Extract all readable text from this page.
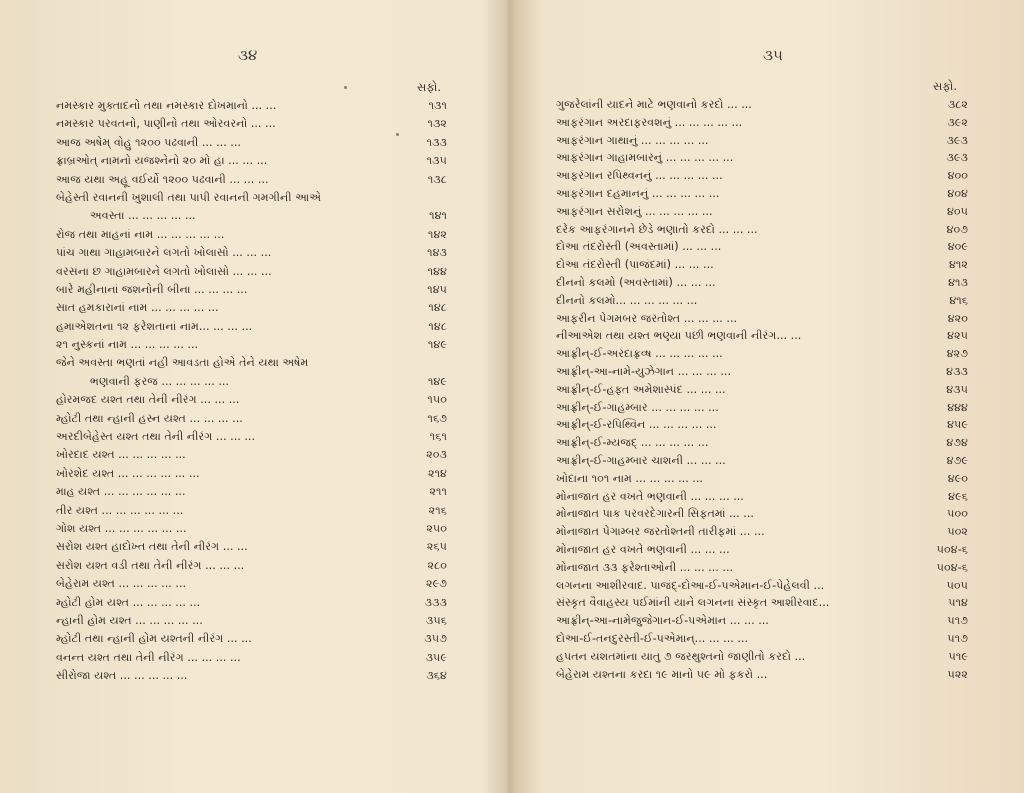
૩૪
સફો.
નમસ્કાર મુક્તાદનો તથા નમસ્કાર દોખમાનો ... ...	૧૩૧
નમસ્કાર પરવતનો, પાણીનો તથા ઓરવરનો ... ...	૧૩૨
આજ અષેમ્ વોહુ ૧૨૦૦ પઢવાની ... ... ...	૧૩૩
ફ્રાબ્રઓત્ નામનો યજશ્નેનો ૨૦ મો હા ... ... ...	૧૩૫
આજ યથા અહૂ વઈર્યો ૧૨૦૦ પઢવાની ... ... ...	૧૩૮
બેહેસ્તી રવાનની ખુશાલી તથા પાપી રવાનની ગમગીની આએ
અવસ્તા ... ... ... ... ...	૧૪૧
રોજ તથા માહનાં નામ ... ... ... ... ...	૧૪૨
પાંચ ગાથા ગાહામબારને લગતો ખોલાસો ... ... ...	૧૪૩
વરસના છ ગાહામબારને લગતો ખોલાસો ... ... ...	૧૪૪
બારે મહીનાનાં જશનોની બીના ... ... ... ...	૧૪૫
સાત હમકારાનાં નામ ... ... ... ... ...	૧૪૮
હમાએશતના ૧૨ ફરેશતાનાં નામ... ... ... ...	૧૪૮
૨૧ નુસ્કનાં નામ ... ... ... ... ...	૧૪૯
જેને અવસ્તા ભણતાં નહી આવડતા હોએ તેને યથા અષેમ
ભણવાની ફરજ ... ... ... ... ...	૧૪૯
હોરમજદ યશ્ત તથા તેની નીરંગ ... ... ...	૧૫૦
મ્હોટી તથા ન્હાની હસ્ન યશ્ત ... ... ... ...	૧૬૭
અરદીબેહેસ્ત યશ્ત તથા તેની નીરંગ ... ... ...	૧૬૧
ખોરદાદ યશ્ત ... ... ... ... ...	૨૦૩
ખોરશેદ યશ્ત ... ... ... ... ... ...	૨૧૪
માહ યશ્ત ... ... ... ... ... ...	૨૧૧
તીર યશ્ત ... ... ... ... ... ...	૨૧૬
ગોશ યશ્ત ... ... ... ... ... ...	૨૫૦
સરોશ યશ્ત હાદોખ્ત તથા તેની નીરંગ ... ...	૨૬૫
સરોશ યશ્ત વડી તથા તેની નીરંગ ... ... ...	૨૮૦
બેહેરામ યશ્ત ... ... ... ... ...	૨૯૭
મ્હોટી હોમ યશ્ત ... ... ... ... ...	૩૩૩
ન્હાની હોમ યશ્ત ... ... ... ... ...	૩૫૬
મ્હોટી તથા ન્હાની હોમ યશ્તની નીરંગ ... ...	૩૫૭
વનન્ત યશ્ત તથા તેની નીરંગ ... ... ... ...	૩૫૯
સીરોજા યશ્ત ... ... ... ... ...	૩૬૪
૩૫
સફો.
ગુજરેલાંની યાદને માટે ભણવાનો કરદો ... ...	૩૮૨
આફરંગાન અરદાફરવશનું ... ... ... ... ...	૩૯૨
આફરંગાન ગાથાનું ... ... ... ... ...	૩૯૩
આફરંગાન ગાહામબારનું ... ... ... ... ...	૩૯૩
આફરંગાન રપિથ્વનનું ... ... ... ... ...	૪૦૦
આફરંગાન દહમાનનું ... ... ... ... ...	૪૦૪
આફરંગાન સરોશનું ... ... ... ... ...	૪૦૫
દરેક આફરંગાનને છેડે ભણાતો કરદો ... ... ...	૪૦૭
દોઆ તંદરોસ્તી (અવસ્તામાં) ... ... ...	૪૦૯
દોઆ તંદરોસ્તી (પાજંદમાં) ... ... ...	૪૧૨
દીનનો કલમો (અવસ્તામાં) ... ... ...	૪૧૩
દીનનો કલમો... ... ... ... ... ...	૪૧૬
આફરીન પેગમબર જરતોશ્ત ... ... ... ...	૪૨૦
નીઆએશ તથા યશ્ત ભણ્યા પછી ભણવાની નીરંગ... ...	૪૨૫
આફ્રીન્-ઈ-અરદાફ્રવ્ષ ... ... ... ... ...	૪૨૭
આફ્રીન્-આ-નામે-યુઝેગાન ... ... ... ...	૪૩૩
આફ્રીન્-ઈ-હફ્ત અમેશાસ્પંદ ... ... ...	૪૩૫
આફ્રીન્-ઈ-ગાહમ્બાર ... ... ... ... ...	૪૪૪
આફ્રીન્-ઈ-રપિથ્વિન ... ... ... ... ...	૪૫૯
આફ્રીન્-ઈ-મ્યજદ્ ... ... ... ... ...	૪૭૪
આફ્રીન્-ઈ-ગાહમ્બાર ચાશની ... ... ...	૪૭૯
ખોદાના ૧૦૧ નામ ... ... ... ... ...	૪૯૦
મોનાજાત હર વખતે ભણવાની ... ... ... ...	૪૯૬
મોનાજાત પાક પરવરદેગારની સિફતમાં ... ...	૫૦૦
મોનાજાત પેગામ્બર જરતોશ્તની તારીફમાં ... ...	૫૦૨
મોનાજાત હર વખતે ભણવાની ... ... ...	૫૦૪-૬
મોનાજાત ૩૩ ફરેશ્તાઓની ... ... ... ...	૫૦૪-૬
લગનના આશીરવાદ. પાજંદ્-દોઆ-ઈ-પએમાન-ઈ-પેહેલવી ...	૫૦૫
સંસ્કૃત વૈવાહસ્ય પઈમાંની યાને લગનના સંસ્કૃત આશીરવાદ...	૫૧૪
આફ્રીન્-આ-નામેજુજેગાન-ઈ-પએમાન ... ... ...	૫૧૭
દોઆ-ઈ-તનદુરસ્તી-ઈ-પએમાન્... ... ... ...	૫૧૭
હપતન યશતમાંના યાતુ ૭ જરથુશ્તનો જાણીતો કરદો ...	૫૧૯
બેહેરામ યશ્તના કરદા ૧૯ માનો ૫૯ મો ફકરો ...	૫૨૨
